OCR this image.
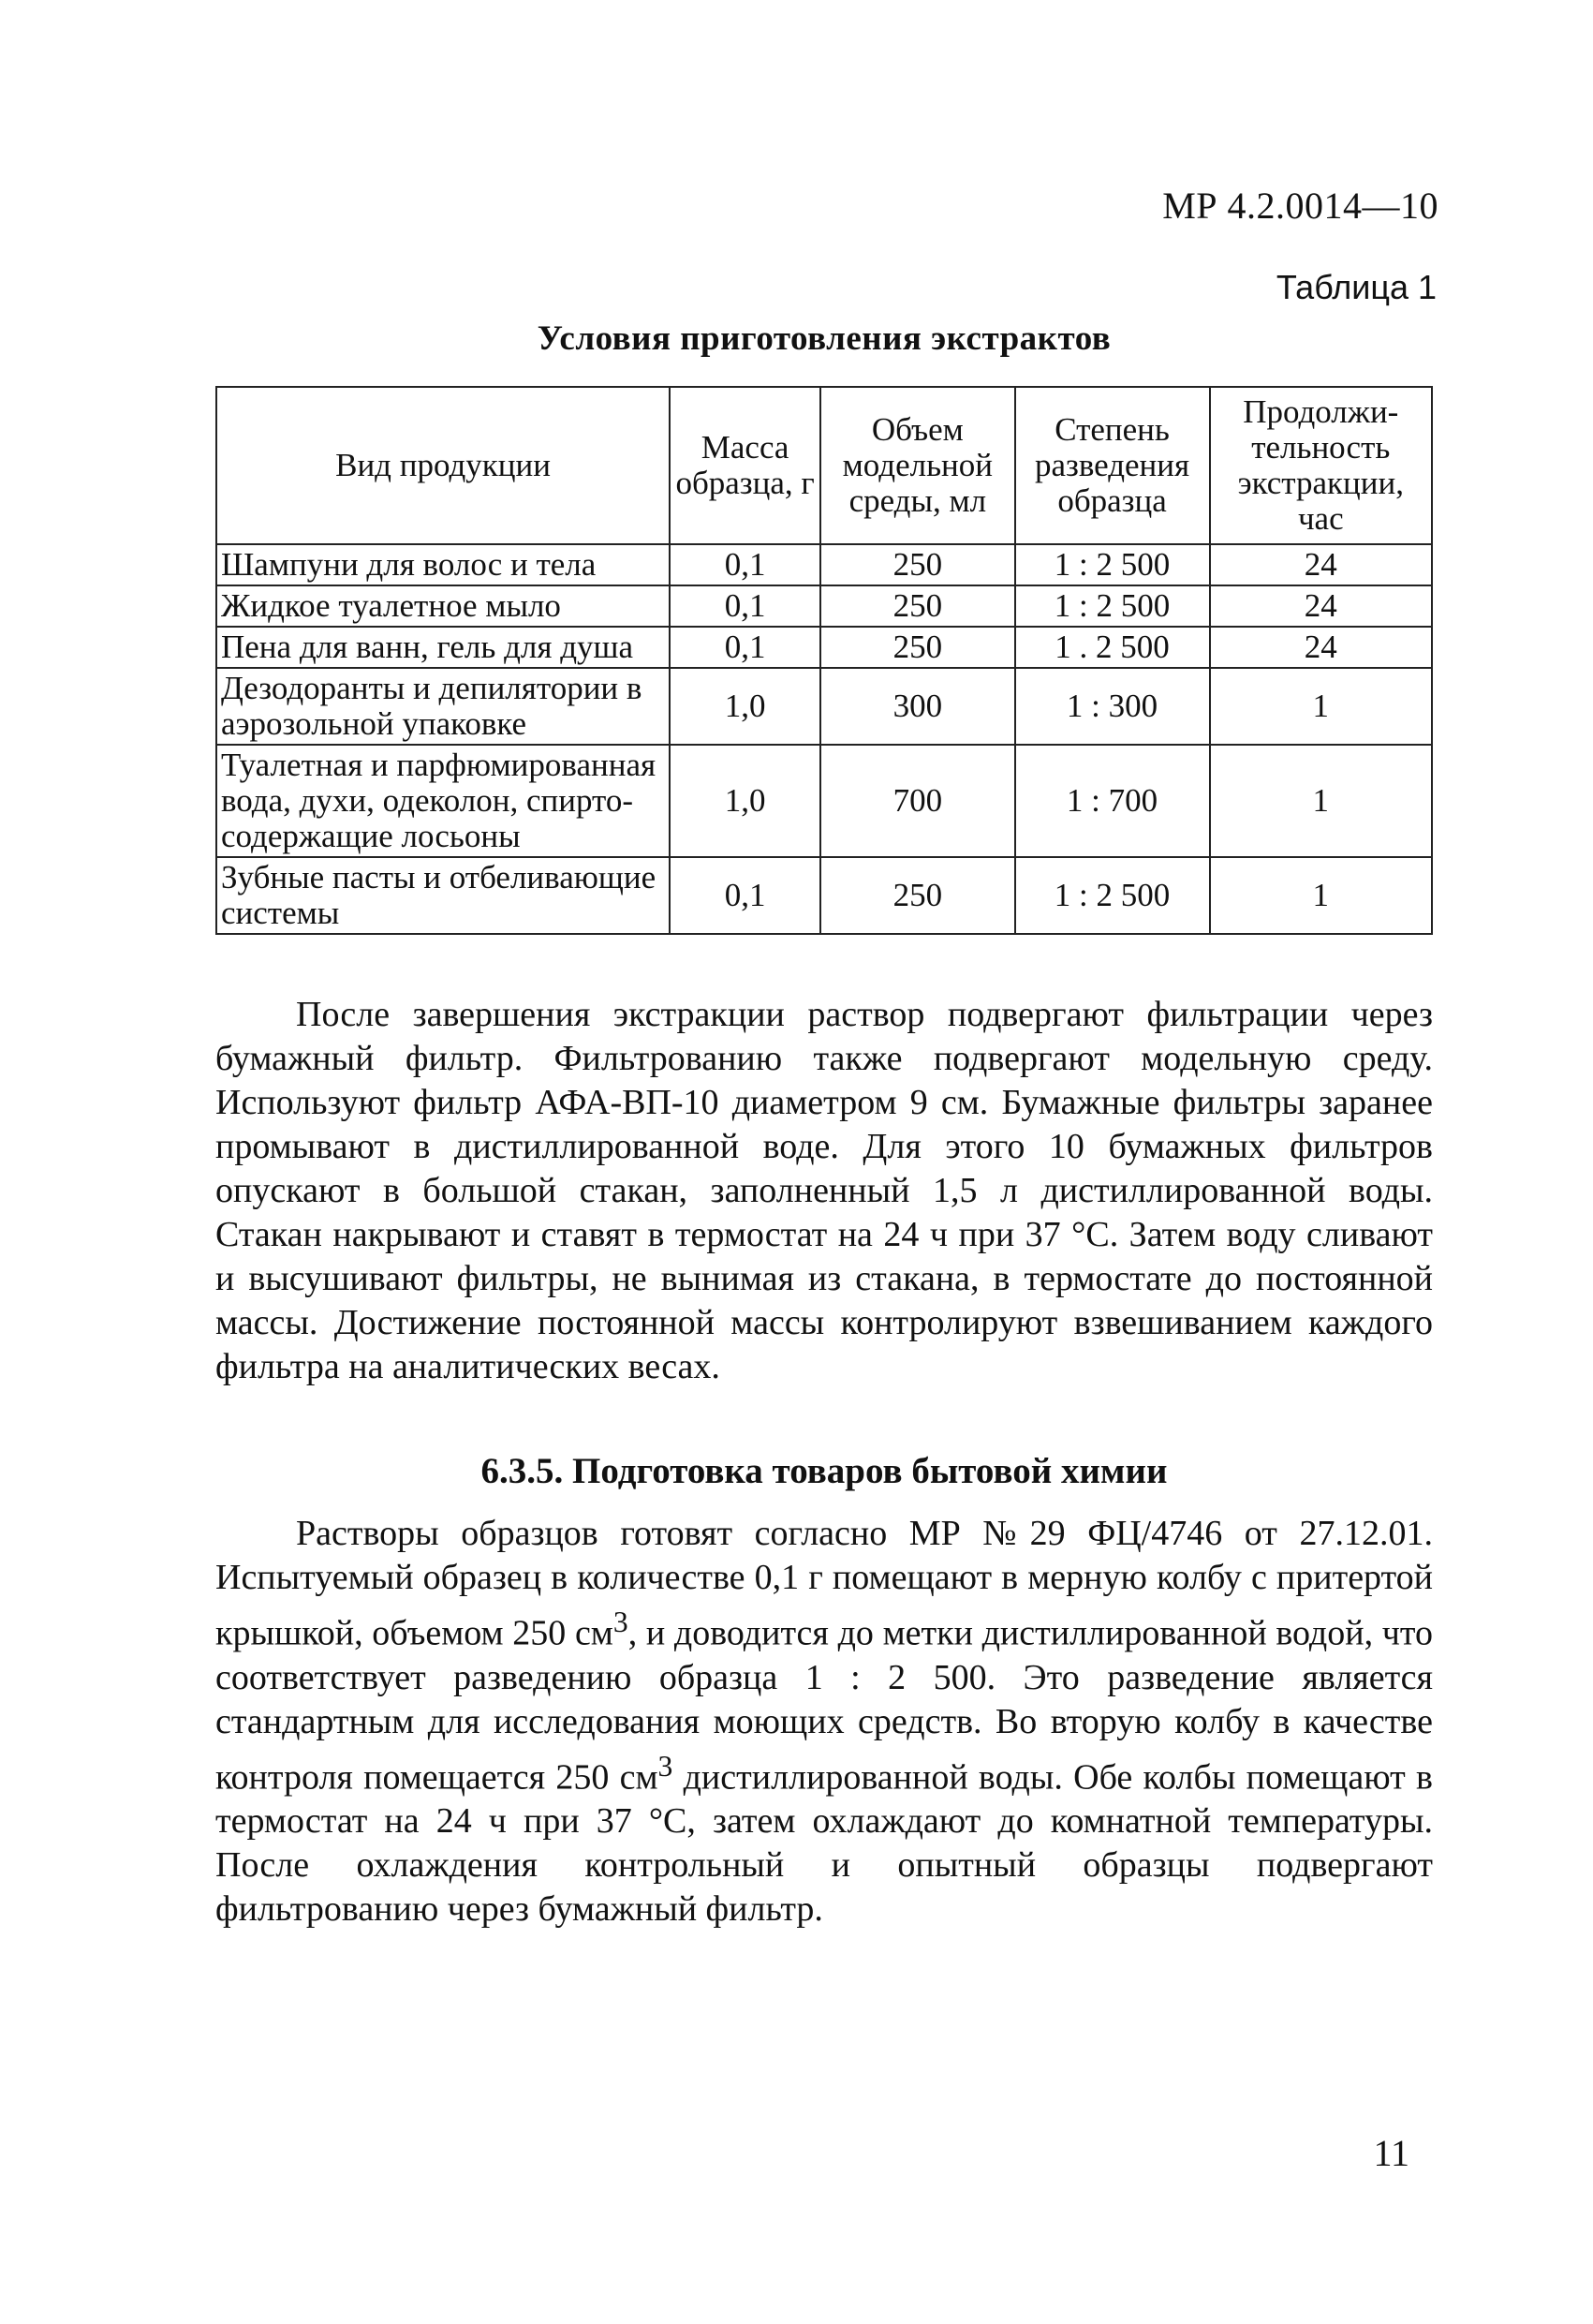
МР 4.2.0014—10
Таблица 1
Условия приготовления экстрактов
Вид продукции	Масса образца, г	Объем модельной среды, мл	Степень разведения образца	Продолжи-тельность экстракции, час
Шампуни для волос и тела	0,1	250	1 : 2 500	24
Жидкое туалетное мыло	0,1	250	1 : 2 500	24
Пена для ванн, гель для душа	0,1	250	1 . 2 500	24
Дезодоранты и депилятории в аэрозольной упаковке	1,0	300	1 : 300	1
Туалетная и парфюмированная вода, духи, одеколон, спирто-содержащие лосьоны	1,0	700	1 : 700	1
Зубные пасты и отбеливающие системы	0,1	250	1 : 2 500	1

После завершения экстракции раствор подвергают фильтрации через бумажный фильтр. Фильтрованию также подвергают модельную среду. Используют фильтр АФА-ВП-10 диаметром 9 см. Бумажные фильтры заранее промывают в дистиллированной воде. Для этого 10 бумажных фильтров опускают в большой стакан, заполненный 1,5 л дистиллированной воды. Стакан накрывают и ставят в термостат на 24 ч при 37 °С. Затем воду сливают и высушивают фильтры, не вынимая из стакана, в термостате до постоянной массы. Достижение постоянной массы контролируют взвешиванием каждого фильтра на аналитических весах.

6.3.5. Подготовка товаров бытовой химии

Растворы образцов готовят согласно МР №29 ФЦ/4746 от 27.12.01. Испытуемый образец в количестве 0,1 г помещают в мерную колбу с притертой крышкой, объемом 250 $см^3$, и доводится до метки дистиллированной водой, что соответствует разведению образца 1 : 2 500. Это разведение является стандартным для исследования моющих средств. Во вторую колбу в качестве контроля помещается 250 $см^3$ дистиллированной воды. Обе колбы помещают в термостат на 24 ч при 37 °С, затем охлаждают до комнатной температуры. После охлаждения контрольный и опытный образцы подвергают фильтрованию через бумажный фильтр.

11
